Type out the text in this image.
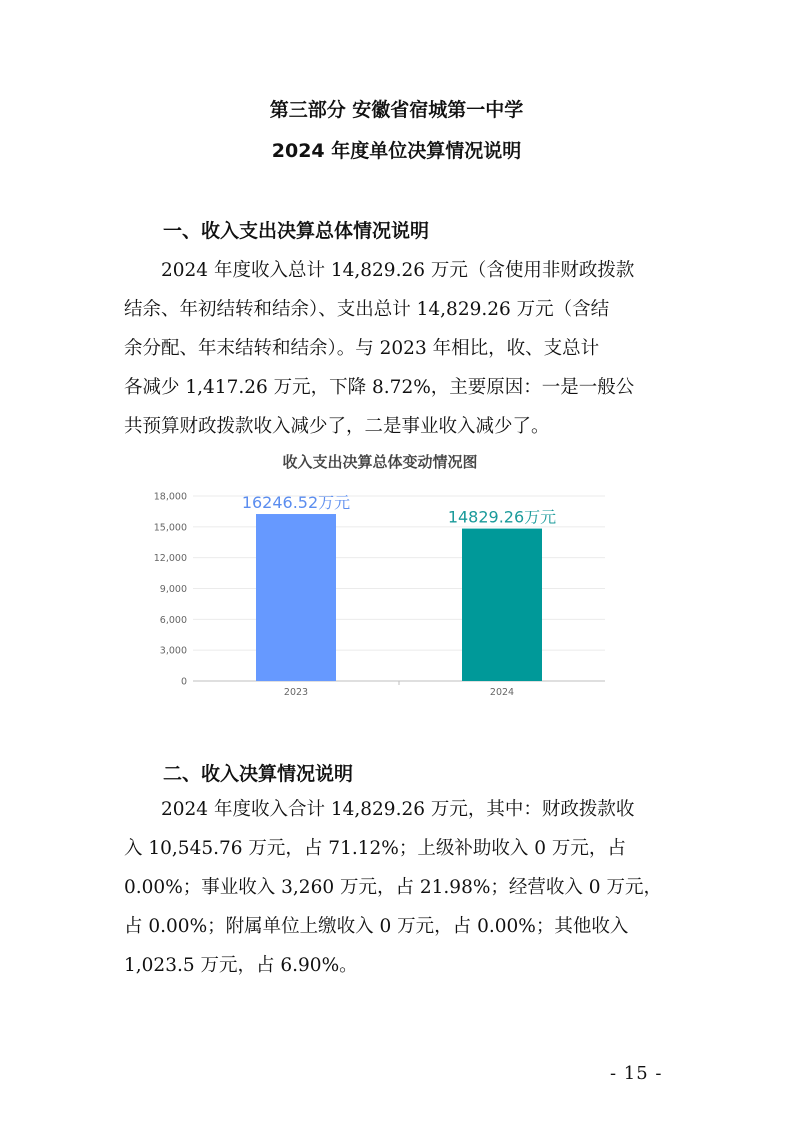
第三部分 安徽省宿城第一中学
2024 年度单位决算情况说明
一、收入支出决算总体情况说明
2024 年度收入总计 14,829.26 万元（含使用非财政拨款
结余、年初结转和结余）、支出总计 14,829.26 万元（含结
余分配、年末结转和结余）。与 2023 年相比，收、支总计
各减少 1,417.26 万元，下降 8.72%，主要原因：一是一般公
共预算财政拨款收入减少了，二是事业收入减少了。
收入支出决算总体变动情况图
0
3,000
6,000
9,000
12,000
15,000
18,000	16246.52万元
14829.26万元
2023	2024
二、收入决算情况说明
2024 年度收入合计 14,829.26 万元，其中：财政拨款收
入 10,545.76 万元，占 71.12%；上级补助收入 0 万元，占
0.00%；事业收入 3,260 万元，占 21.98%；经营收入 0 万元，
占 0.00%；附属单位上缴收入 0 万元，占 0.00%；其他收入
1,023.5 万元，占 6.90%。
- 15 -
